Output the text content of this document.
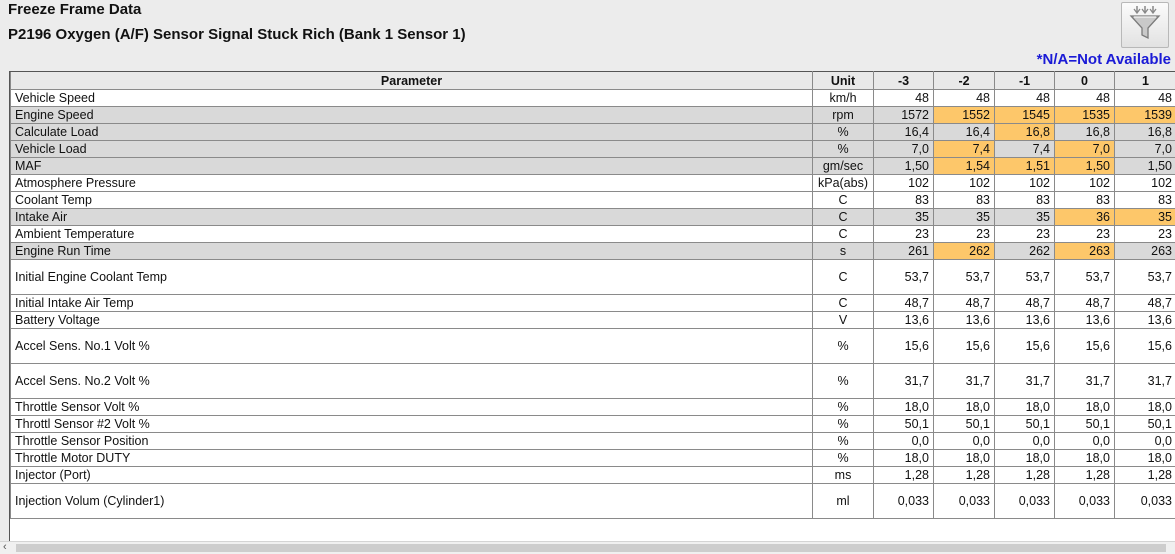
Freeze Frame Data
P2196 Oxygen (A/F) Sensor Signal Stuck Rich (Bank 1 Sensor 1)
*N/A=Not Available
Parameter	Unit	-3	-2	-1	0	1
Vehicle Speed	km/h	48	48	48	48	48
Engine Speed	rpm	1572	1552	1545	1535	1539
Calculate Load	%	16,4	16,4	16,8	16,8	16,8
Vehicle Load	%	7,0	7,4	7,4	7,0	7,0
MAF	gm/sec	1,50	1,54	1,51	1,50	1,50
Atmosphere Pressure	kPa(abs)	102	102	102	102	102
Coolant Temp	C	83	83	83	83	83
Intake Air	C	35	35	35	36	35
Ambient Temperature	C	23	23	23	23	23
Engine Run Time	s	261	262	262	263	263
Initial Engine Coolant Temp	C	53,7	53,7	53,7	53,7	53,7
Initial Intake Air Temp	C	48,7	48,7	48,7	48,7	48,7
Battery Voltage	V	13,6	13,6	13,6	13,6	13,6
Accel Sens. No.1 Volt %	%	15,6	15,6	15,6	15,6	15,6
Accel Sens. No.2 Volt %	%	31,7	31,7	31,7	31,7	31,7
Throttle Sensor Volt %	%	18,0	18,0	18,0	18,0	18,0
Throttl Sensor #2 Volt %	%	50,1	50,1	50,1	50,1	50,1
Throttle Sensor Position	%	0,0	0,0	0,0	0,0	0,0
Throttle Motor DUTY	%	18,0	18,0	18,0	18,0	18,0
Injector (Port)	ms	1,28	1,28	1,28	1,28	1,28
Injection Volum (Cylinder1)	ml	0,033	0,033	0,033	0,033	0,033
‹
